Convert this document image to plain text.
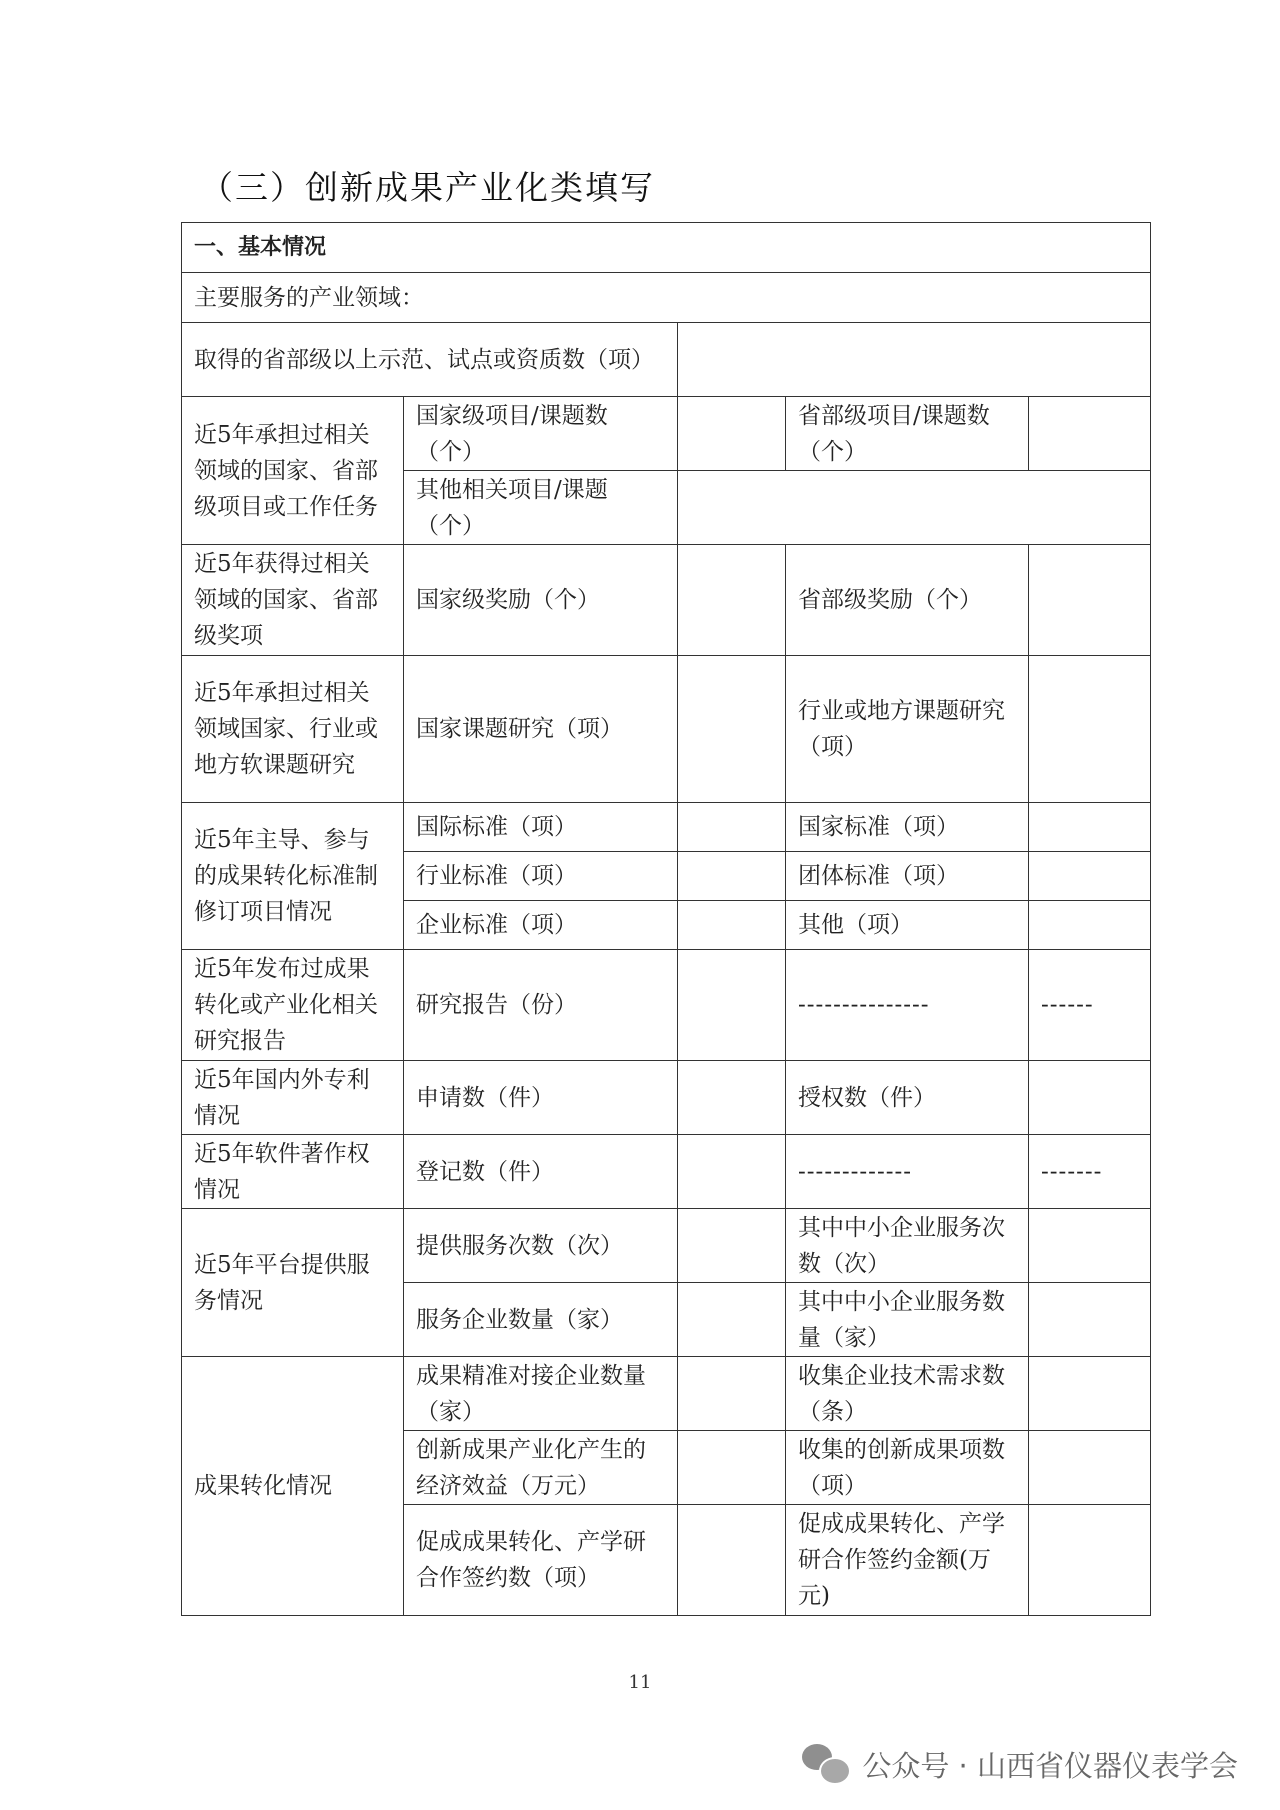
（三）创新成果产业化类填写
一、基本情况				
主要服务的产业领域：				
取得的省部级以上示范、试点或资质数（项）				
近5年承担过相关领域的国家、省部级项目或工作任务	国家级项目/课题数（个）		省部级项目/课题数（个）	
	其他相关项目/课题（个）			
近5年获得过相关领域的国家、省部级奖项	国家级奖励（个）		省部级奖励（个）	
近5年承担过相关领域国家、行业或地方软课题研究	国家课题研究（项）		行业或地方课题研究（项）	
近5年主导、参与的成果转化标准制修订项目情况	国际标准（项）		国家标准（项）	
	行业标准（项）		团体标准（项）	
	企业标准（项）		其他（项）	
近5年发布过成果转化或产业化相关研究报告	研究报告（份）		---------------	------
近5年国内外专利情况	申请数（件）		授权数（件）	
近5年软件著作权情况	登记数（件）		-------------	-------
近5年平台提供服务情况	提供服务次数（次）		其中中小企业服务次数（次）	
	服务企业数量（家）		其中中小企业服务数量（家）	
成果转化情况	成果精准对接企业数量（家）		收集企业技术需求数（条）	
	创新成果产业化产生的经济效益（万元）		收集的创新成果项数（项）	
	促成成果转化、产学研合作签约数（项）		促成成果转化、产学研合作签约金额(万元)	
11
公众号 · 山西省仪器仪表学会
